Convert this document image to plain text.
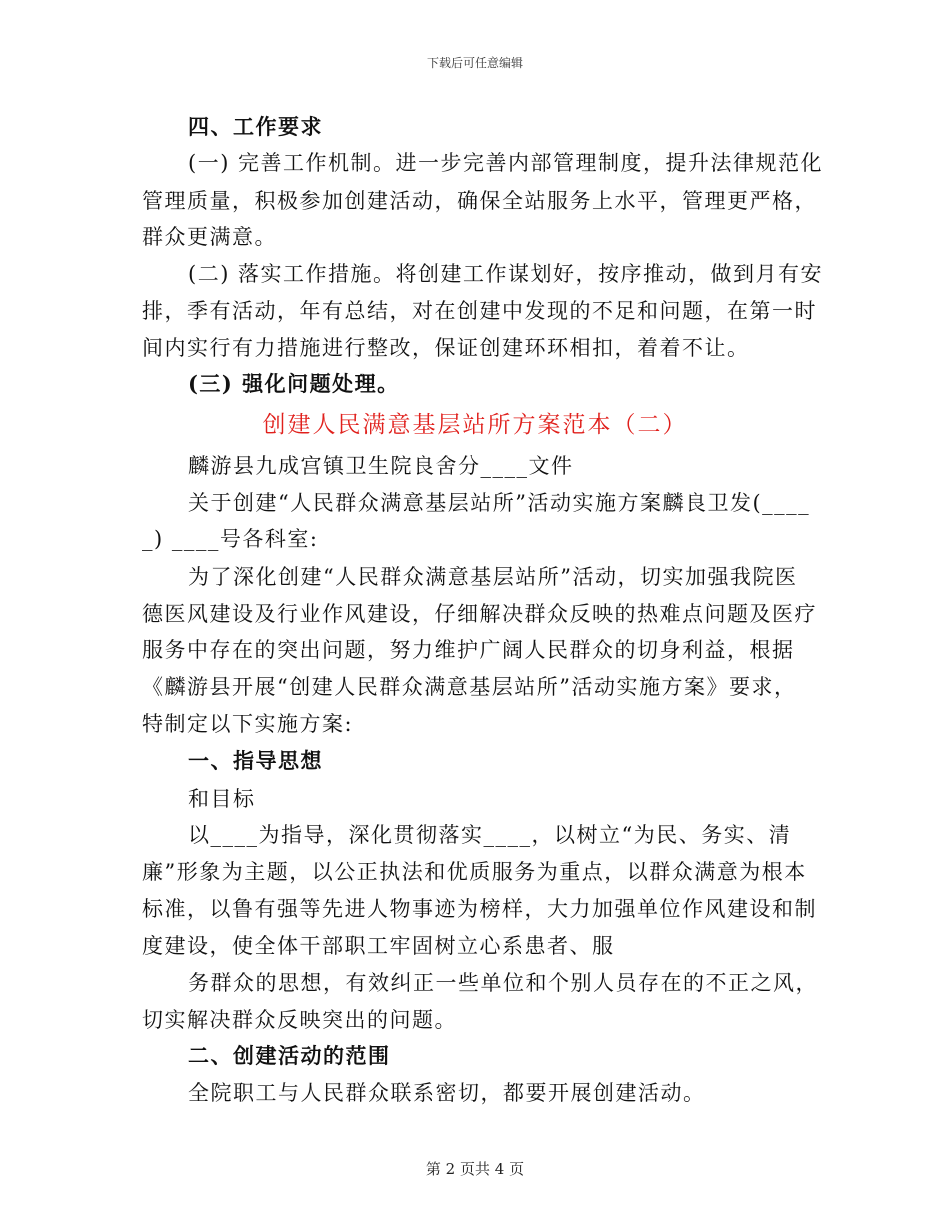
下载后可任意编辑
四、工作要求
(一) 完善工作机制。进一步完善内部管理制度，提升法律规范化
管理质量，积极参加创建活动，确保全站服务上水平，管理更严格，
群众更满意。
(二) 落实工作措施。将创建工作谋划好，按序推动，做到月有安
排，季有活动，年有总结，对在创建中发现的不足和问题，在第一时
间内实行有力措施进行整改，保证创建环环相扣，着着不让。
(三) 强化问题处理。
创建人民满意基层站所方案范本（二）
麟游县九成宫镇卫生院良舍分____文件
关于创建“人民群众满意基层站所”活动实施方案麟良卫发(____
_) ____号各科室:
为了深化创建“人民群众满意基层站所”活动，切实加强我院医
德医风建设及行业作风建设，仔细解决群众反映的热难点问题及医疗
服务中存在的突出问题，努力维护广阔人民群众的切身利益，根据
《麟游县开展“创建人民群众满意基层站所”活动实施方案》要求，
特制定以下实施方案:
一、指导思想
和目标
以____为指导，深化贯彻落实____，以树立“为民、务实、清
廉”形象为主题，以公正执法和优质服务为重点，以群众满意为根本
标准，以鲁有强等先进人物事迹为榜样，大力加强单位作风建设和制
度建设，使全体干部职工牢固树立心系患者、服
务群众的思想，有效纠正一些单位和个别人员存在的不正之风，
切实解决群众反映突出的问题。
二、创建活动的范围
全院职工与人民群众联系密切，都要开展创建活动。
第 2 页共 4 页
